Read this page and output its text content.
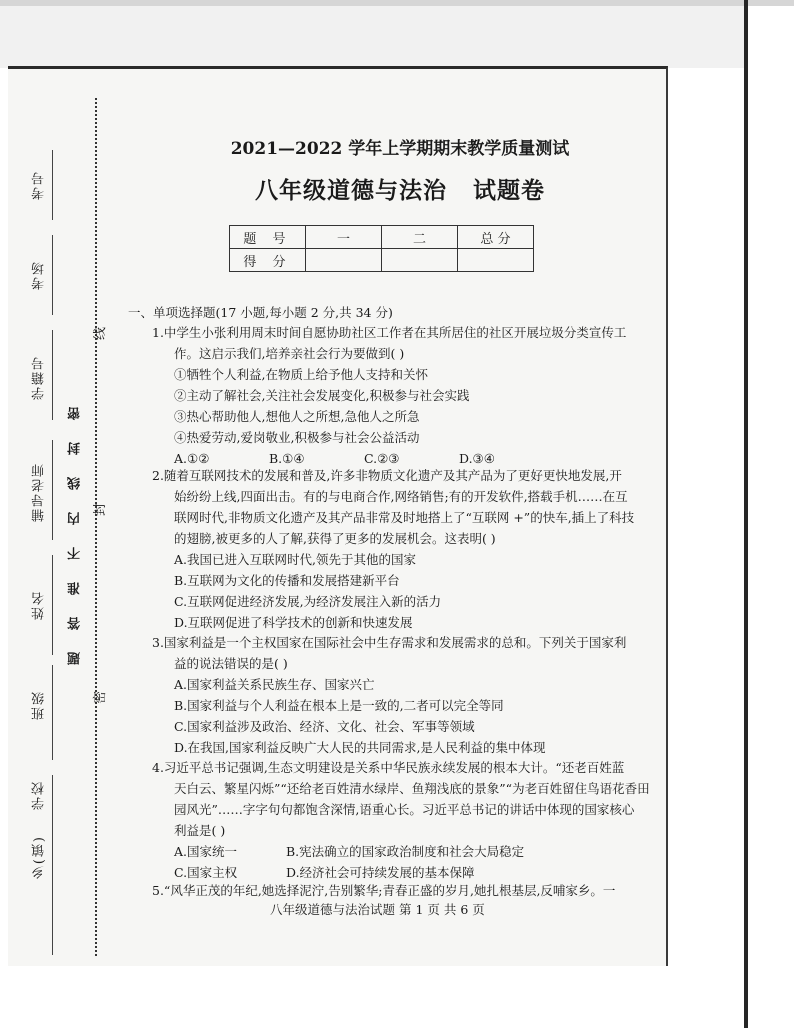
考号
考场
学籍号
辅导老师
姓名
班级
学校
乡(镇)
题答准不内线封密
线
封
密
2021—2022 学年上学期期末教学质量测试
八年级道德与法治 试题卷
题 号	一	二	总 分
得 分			
一、单项选择题(17 小题,每小题 2 分,共 34 分)
1.中学生小张利用周末时间自愿协助社区工作者在其所居住的社区开展垃圾分类宣传工
作。这启示我们,培养亲社会行为要做到( )
①牺牲个人利益,在物质上给予他人支持和关怀
②主动了解社会,关注社会发展变化,积极参与社会实践
③热心帮助他人,想他人之所想,急他人之所急
④热爱劳动,爱岗敬业,积极参与社会公益活动
A.①②	B.①④	C.②③	D.③④
2.随着互联网技术的发展和普及,许多非物质文化遗产及其产品为了更好更快地发展,开
始纷纷上线,四面出击。有的与电商合作,网络销售;有的开发软件,搭载手机……在互
联网时代,非物质文化遗产及其产品非常及时地搭上了“互联网 +”的快车,插上了科技
的翅膀,被更多的人了解,获得了更多的发展机会。这表明( )
A.我国已进入互联网时代,领先于其他的国家
B.互联网为文化的传播和发展搭建新平台
C.互联网促进经济发展,为经济发展注入新的活力
D.互联网促进了科学技术的创新和快速发展
3.国家利益是一个主权国家在国际社会中生存需求和发展需求的总和。下列关于国家利
益的说法错误的是( )
A.国家利益关系民族生存、国家兴亡
B.国家利益与个人利益在根本上是一致的,二者可以完全等同
C.国家利益涉及政治、经济、文化、社会、军事等领域
D.在我国,国家利益反映广大人民的共同需求,是人民利益的集中体现
4.习近平总书记强调,生态文明建设是关系中华民族永续发展的根本大计。“还老百姓蓝
天白云、繁星闪烁”“还给老百姓清水绿岸、鱼翔浅底的景象”“为老百姓留住鸟语花香田
园风光”……字字句句都饱含深情,语重心长。习近平总书记的讲话中体现的国家核心
利益是( )
A.国家统一	B.宪法确立的国家政治制度和社会大局稳定
C.国家主权	D.经济社会可持续发展的基本保障
5.“风华正茂的年纪,她选择泥泞,告别繁华;青春正盛的岁月,她扎根基层,反哺家乡。一
八年级道德与法治试题 第 1 页 共 6 页
